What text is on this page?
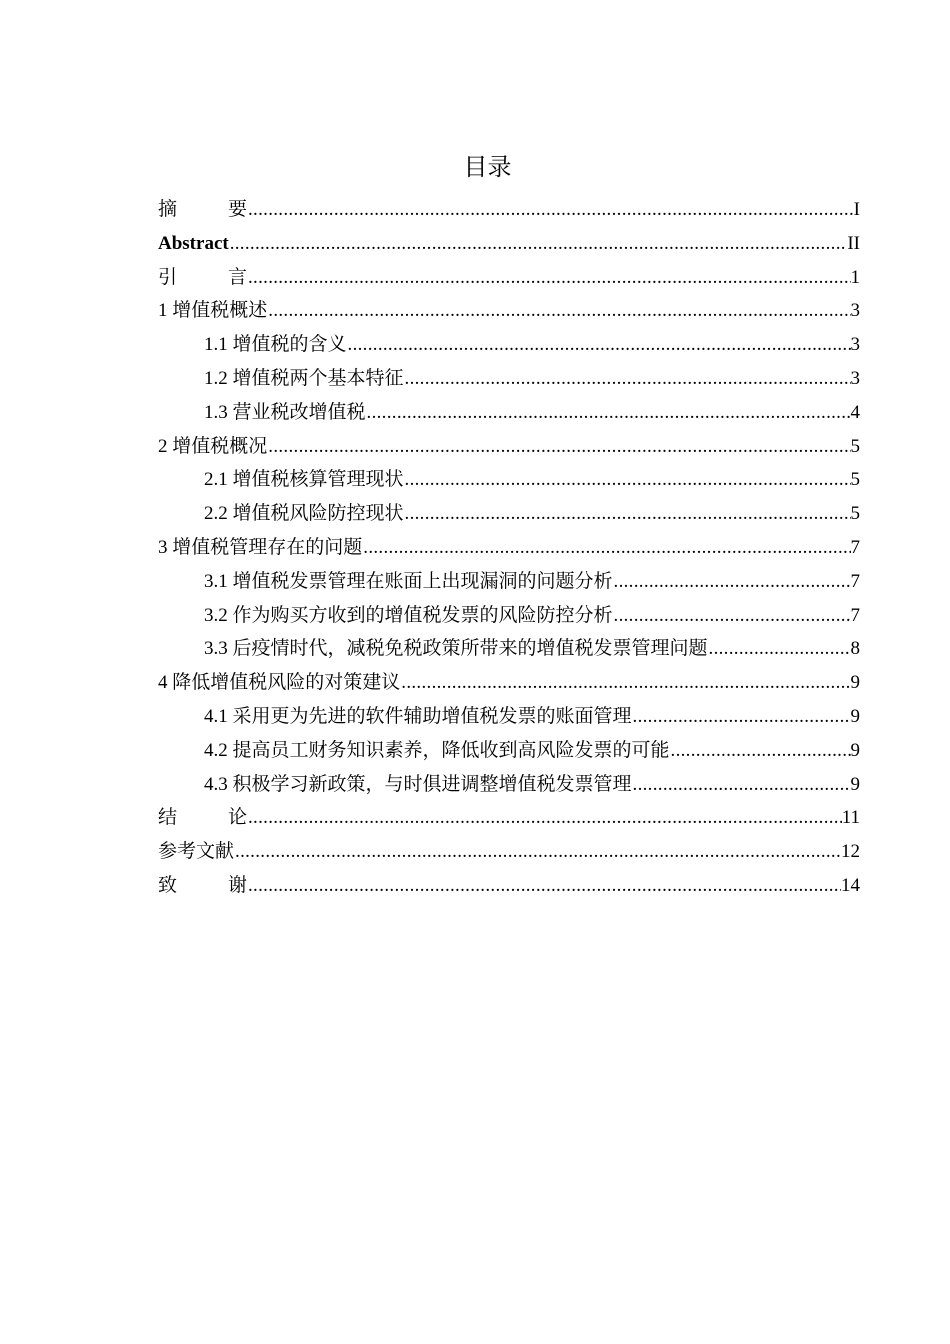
目录
摘　要 .....	I
Abstract .....	II
引　言 .....	1
1 增值税概述 .....	3
1.1 增值税的含义 .....	3
1.2 增值税两个基本特征 .....	3
1.3 营业税改增值税 .....	4
2 增值税概况 .....	5
2.1 增值税核算管理现状 .....	5
2.2 增值税风险防控现状 .....	5
3 增值税管理存在的问题 .....	7
3.1 增值税发票管理在账面上出现漏洞的问题分析 .....	7
3.2 作为购买方收到的增值税发票的风险防控分析 .....	7
3.3 后疫情时代，减税免税政策所带来的增值税发票管理问题 .....	8
4 降低增值税风险的对策建议 .....	9
4.1 采用更为先进的软件辅助增值税发票的账面管理 .....	9
4.2 提高员工财务知识素养，降低收到高风险发票的可能 .....	9
4.3 积极学习新政策，与时俱进调整增值税发票管理 .....	9
结　论 .....	11
参考文献 .....	12
致　谢 .....	14
